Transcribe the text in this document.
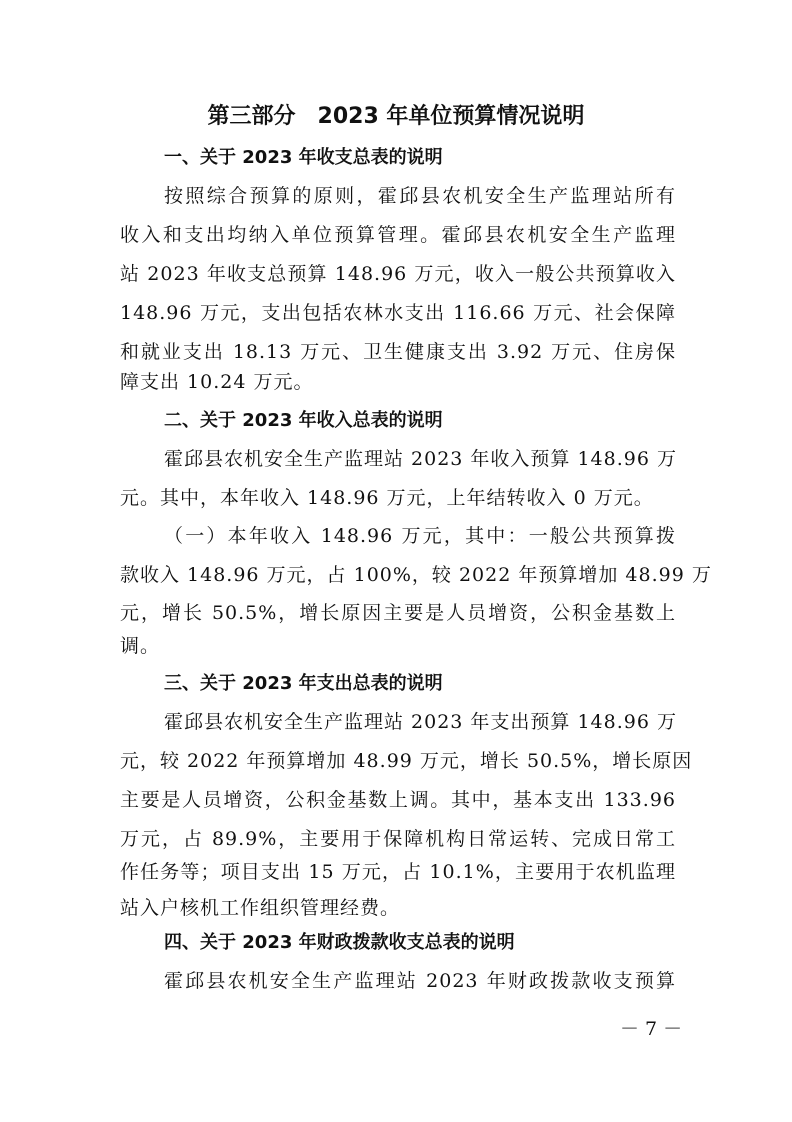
第三部分　2023 年单位预算情况说明
一、关于 2023 年收支总表的说明
按照综合预算的原则，霍邱县农机安全生产监理站所有
收入和支出均纳入单位预算管理。霍邱县农机安全生产监理
站 2023 年收支总预算 148.96 万元，收入一般公共预算收入
148.96 万元，支出包括农林水支出 116.66 万元、社会保障
和就业支出 18.13 万元、卫生健康支出 3.92 万元、住房保
障支出 10.24 万元。
二、关于 2023 年收入总表的说明
霍邱县农机安全生产监理站 2023 年收入预算 148.96 万
元。其中，本年收入 148.96 万元，上年结转收入 0 万元。
（一）本年收入 148.96 万元，其中：一般公共预算拨
款收入 148.96 万元，占 100%，较 2022 年预算增加 48.99 万
元，增长 50.5%，增长原因主要是人员增资，公积金基数上
调。
三、关于 2023 年支出总表的说明
霍邱县农机安全生产监理站 2023 年支出预算 148.96 万
元，较 2022 年预算增加 48.99 万元，增长 50.5%，增长原因
主要是人员增资，公积金基数上调。其中，基本支出 133.96
万元，占 89.9%，主要用于保障机构日常运转、完成日常工
作任务等；项目支出 15 万元，占 10.1%，主要用于农机监理
站入户核机工作组织管理经费。
四、关于 2023 年财政拨款收支总表的说明
霍邱县农机安全生产监理站 2023 年财政拨款收支预算
－ 7 －
